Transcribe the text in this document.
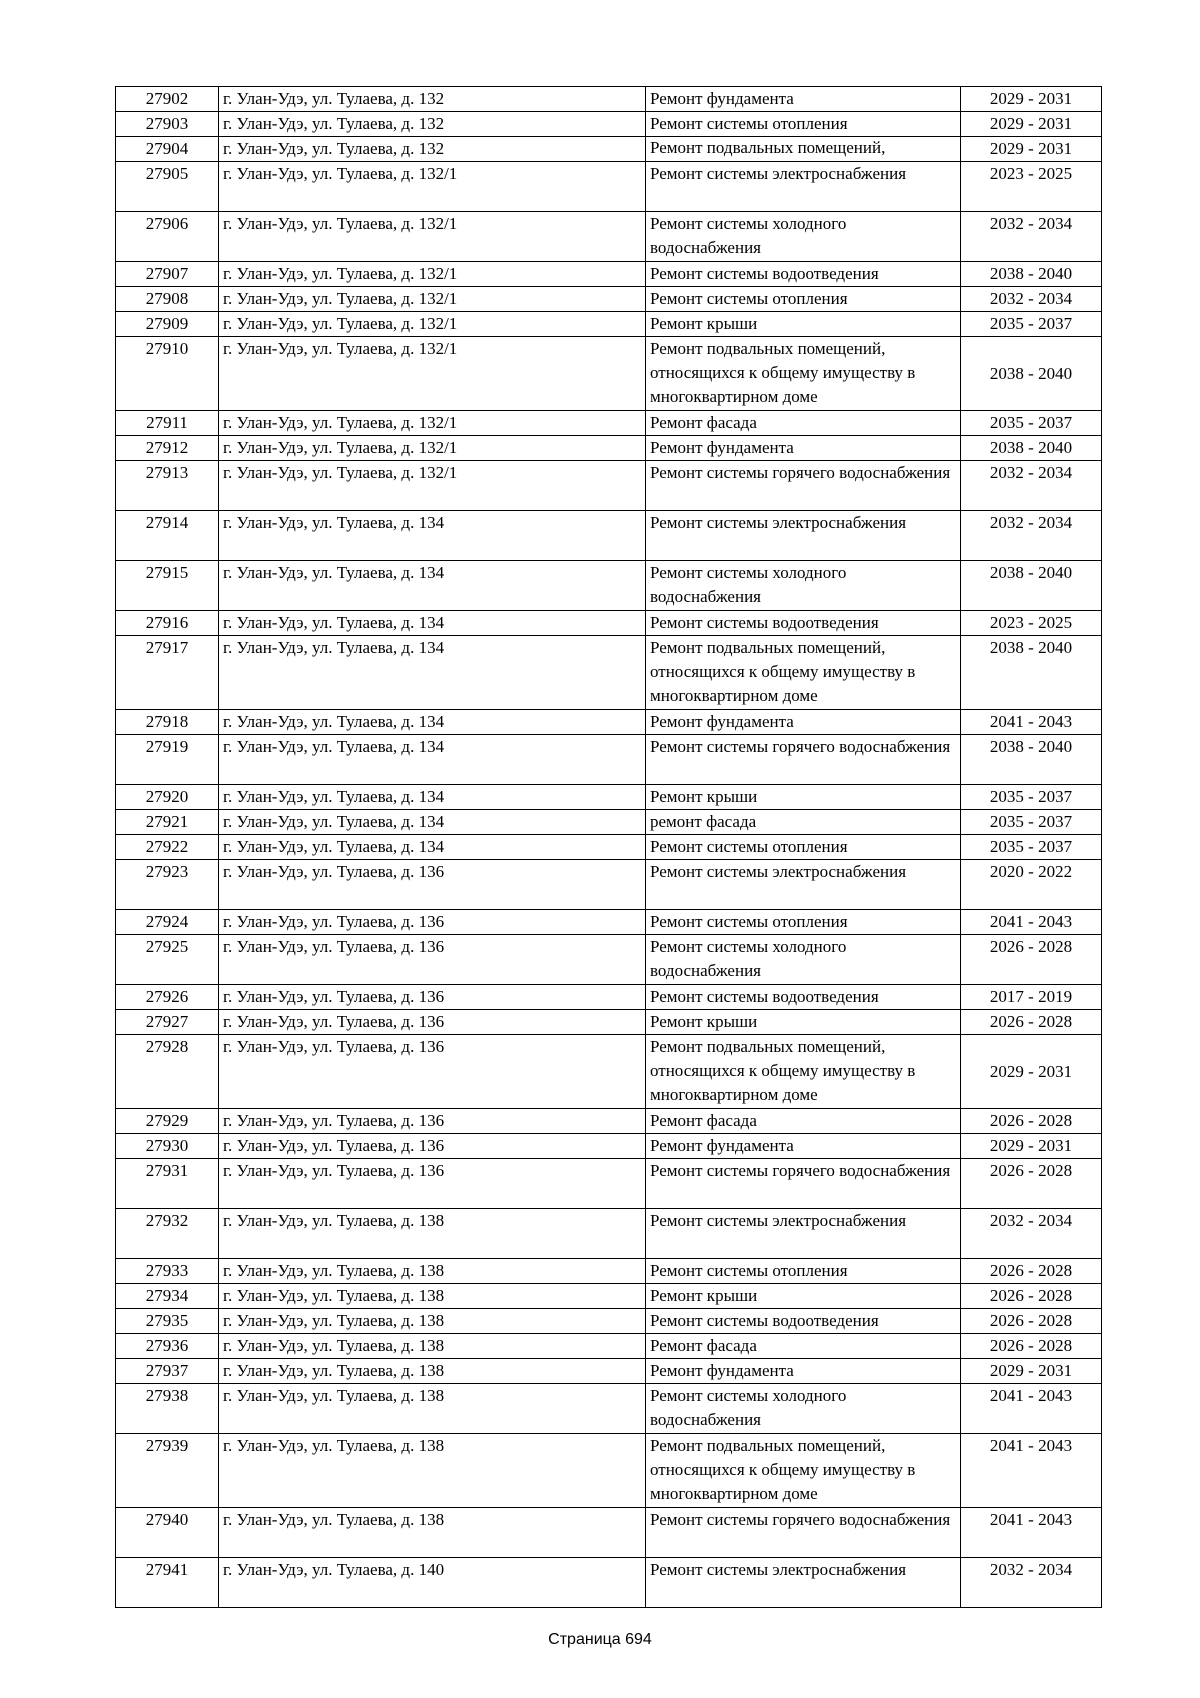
27902	г. Улан-Удэ, ул. Тулаева, д. 132	Ремонт фундамента	2029 - 2031
27903	г. Улан-Удэ, ул. Тулаева, д. 132	Ремонт системы отопления	2029 - 2031
27904	г. Улан-Удэ, ул. Тулаева, д. 132	Ремонт подвальных помещений,	2029 - 2031
27905	г. Улан-Удэ, ул. Тулаева, д. 132/1	Ремонт системы электроснабжения	2023 - 2025
27906	г. Улан-Удэ, ул. Тулаева, д. 132/1	Ремонт системы холодного водоснабжения	2032 - 2034
27907	г. Улан-Удэ, ул. Тулаева, д. 132/1	Ремонт системы водоотведения	2038 - 2040
27908	г. Улан-Удэ, ул. Тулаева, д. 132/1	Ремонт системы отопления	2032 - 2034
27909	г. Улан-Удэ, ул. Тулаева, д. 132/1	Ремонт крыши	2035 - 2037
27910	г. Улан-Удэ, ул. Тулаева, д. 132/1	Ремонт подвальных помещений, относящихся к общему имуществу в многоквартирном доме	2038 - 2040
27911	г. Улан-Удэ, ул. Тулаева, д. 132/1	Ремонт фасада	2035 - 2037
27912	г. Улан-Удэ, ул. Тулаева, д. 132/1	Ремонт фундамента	2038 - 2040
27913	г. Улан-Удэ, ул. Тулаева, д. 132/1	Ремонт системы горячего водоснабжения	2032 - 2034
27914	г. Улан-Удэ, ул. Тулаева, д. 134	Ремонт системы электроснабжения	2032 - 2034
27915	г. Улан-Удэ, ул. Тулаева, д. 134	Ремонт системы холодного водоснабжения	2038 - 2040
27916	г. Улан-Удэ, ул. Тулаева, д. 134	Ремонт системы водоотведения	2023 - 2025
27917	г. Улан-Удэ, ул. Тулаева, д. 134	Ремонт подвальных помещений, относящихся к общему имуществу в многоквартирном доме	2038 - 2040
27918	г. Улан-Удэ, ул. Тулаева, д. 134	Ремонт фундамента	2041 - 2043
27919	г. Улан-Удэ, ул. Тулаева, д. 134	Ремонт системы горячего водоснабжения	2038 - 2040
27920	г. Улан-Удэ, ул. Тулаева, д. 134	Ремонт крыши	2035 - 2037
27921	г. Улан-Удэ, ул. Тулаева, д. 134	ремонт фасада	2035 - 2037
27922	г. Улан-Удэ, ул. Тулаева, д. 134	Ремонт системы отопления	2035 - 2037
27923	г. Улан-Удэ, ул. Тулаева, д. 136	Ремонт системы электроснабжения	2020 - 2022
27924	г. Улан-Удэ, ул. Тулаева, д. 136	Ремонт системы отопления	2041 - 2043
27925	г. Улан-Удэ, ул. Тулаева, д. 136	Ремонт системы холодного водоснабжения	2026 - 2028
27926	г. Улан-Удэ, ул. Тулаева, д. 136	Ремонт системы водоотведения	2017 - 2019
27927	г. Улан-Удэ, ул. Тулаева, д. 136	Ремонт крыши	2026 - 2028
27928	г. Улан-Удэ, ул. Тулаева, д. 136	Ремонт подвальных помещений, относящихся к общему имуществу в многоквартирном доме	2029 - 2031
27929	г. Улан-Удэ, ул. Тулаева, д. 136	Ремонт фасада	2026 - 2028
27930	г. Улан-Удэ, ул. Тулаева, д. 136	Ремонт фундамента	2029 - 2031
27931	г. Улан-Удэ, ул. Тулаева, д. 136	Ремонт системы горячего водоснабжения	2026 - 2028
27932	г. Улан-Удэ, ул. Тулаева, д. 138	Ремонт системы электроснабжения	2032 - 2034
27933	г. Улан-Удэ, ул. Тулаева, д. 138	Ремонт системы отопления	2026 - 2028
27934	г. Улан-Удэ, ул. Тулаева, д. 138	Ремонт крыши	2026 - 2028
27935	г. Улан-Удэ, ул. Тулаева, д. 138	Ремонт системы водоотведения	2026 - 2028
27936	г. Улан-Удэ, ул. Тулаева, д. 138	Ремонт фасада	2026 - 2028
27937	г. Улан-Удэ, ул. Тулаева, д. 138	Ремонт фундамента	2029 - 2031
27938	г. Улан-Удэ, ул. Тулаева, д. 138	Ремонт системы холодного водоснабжения	2041 - 2043
27939	г. Улан-Удэ, ул. Тулаева, д. 138	Ремонт подвальных помещений, относящихся к общему имуществу в многоквартирном доме	2041 - 2043
27940	г. Улан-Удэ, ул. Тулаева, д. 138	Ремонт системы горячего водоснабжения	2041 - 2043
27941	г. Улан-Удэ, ул. Тулаева, д. 140	Ремонт системы электроснабжения	2032 - 2034
Страница 694
